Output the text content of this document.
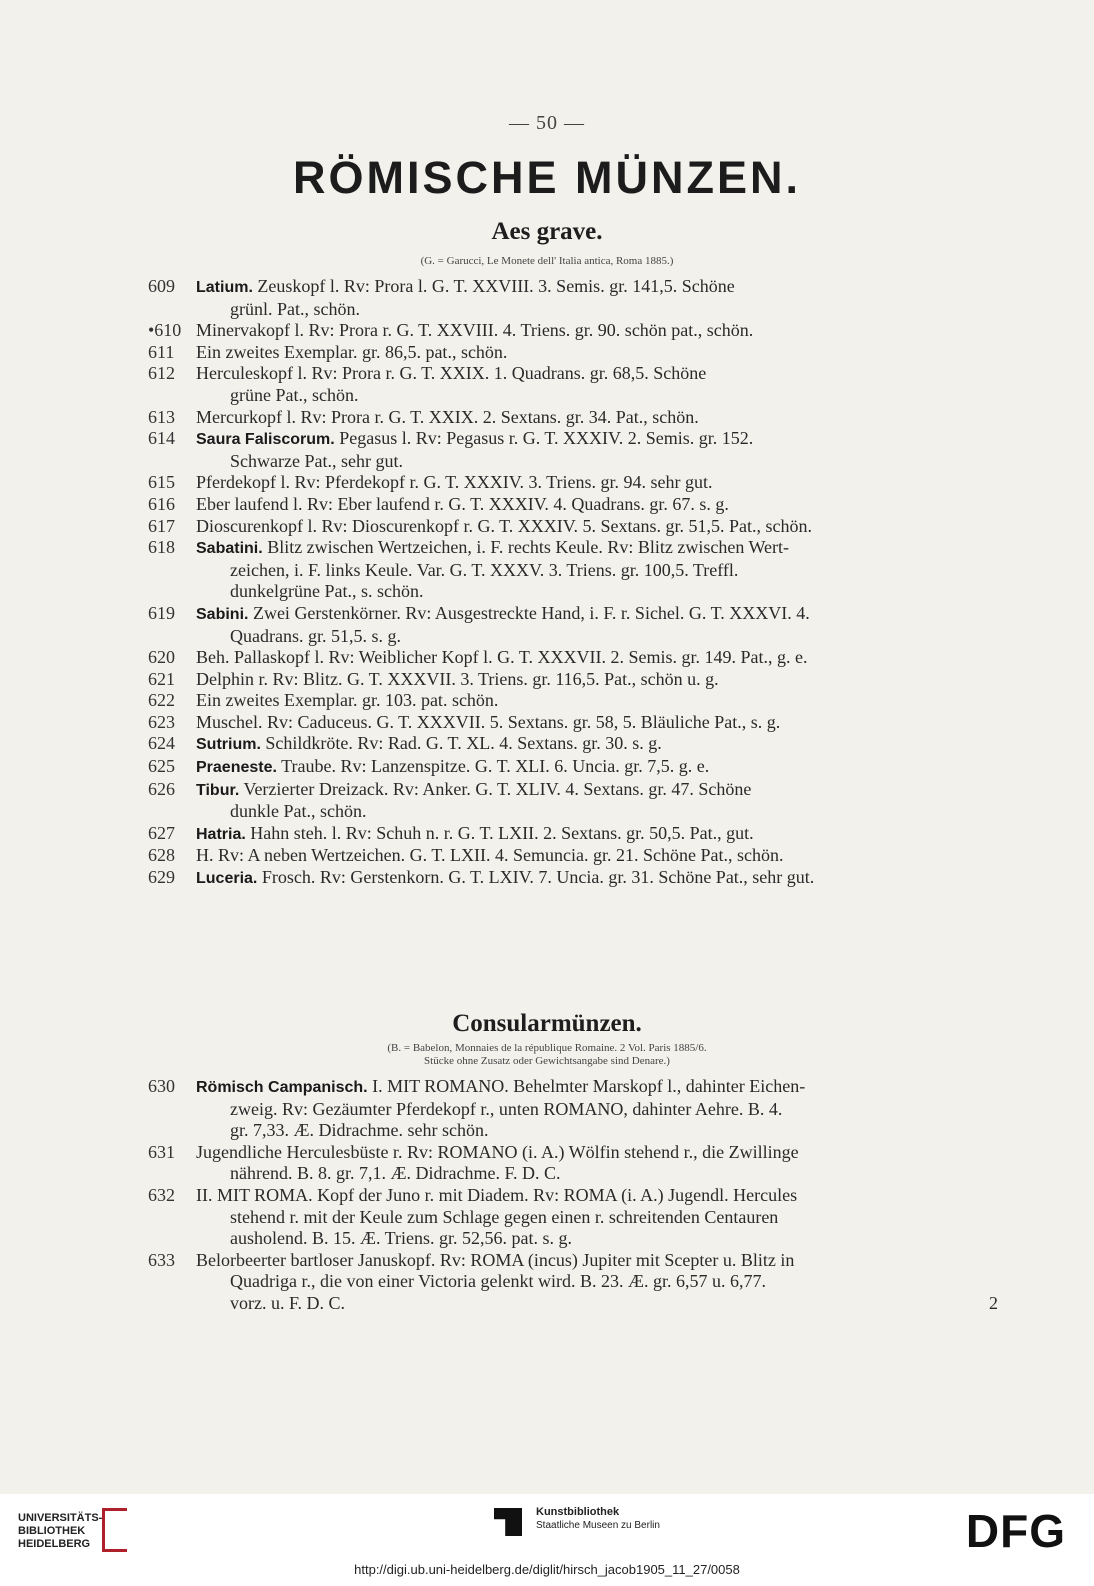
— 50 —
RÖMISCHE MÜNZEN.
Aes grave.
(G. = Garucci, Le Monete dell' Italia antica, Roma 1885.)
609 Latium. Zeuskopf l. Rv: Prora l. G. T. XXVIII. 3. Semis. gr. 141,5. Schöne
grünl. Pat., schön.
•610 Minervakopf l. Rv: Prora r. G. T. XXVIII. 4. Triens. gr. 90. schön pat., schön.
611 Ein zweites Exemplar. gr. 86,5. pat., schön.
612 Herculeskopf l. Rv: Prora r. G. T. XXIX. 1. Quadrans. gr. 68,5. Schöne
grüne Pat., schön.
613 Mercurkopf l. Rv: Prora r. G. T. XXIX. 2. Sextans. gr. 34. Pat., schön.
614 Saura Faliscorum. Pegasus l. Rv: Pegasus r. G. T. XXXIV. 2. Semis. gr. 152.
Schwarze Pat., sehr gut.
615 Pferdekopf l. Rv: Pferdekopf r. G. T. XXXIV. 3. Triens. gr. 94. sehr gut.
616 Eber laufend l. Rv: Eber laufend r. G. T. XXXIV. 4. Quadrans. gr. 67. s. g.
617 Dioscurenkopf l. Rv: Dioscurenkopf r. G. T. XXXIV. 5. Sextans. gr. 51,5. Pat., schön.
618 Sabatini. Blitz zwischen Wertzeichen, i. F. rechts Keule. Rv: Blitz zwischen Wert-
zeichen, i. F. links Keule. Var. G. T. XXXV. 3. Triens. gr. 100,5. Treffl.
dunkelgrüne Pat., s. schön.
619 Sabini. Zwei Gerstenkörner. Rv: Ausgestreckte Hand, i. F. r. Sichel. G. T. XXXVI. 4.
Quadrans. gr. 51,5. s. g.
620 Beh. Pallaskopf l. Rv: Weiblicher Kopf l. G. T. XXXVII. 2. Semis. gr. 149. Pat., g. e.
621 Delphin r. Rv: Blitz. G. T. XXXVII. 3. Triens. gr. 116,5. Pat., schön u. g.
622 Ein zweites Exemplar. gr. 103. pat. schön.
623 Muschel. Rv: Caduceus. G. T. XXXVII. 5. Sextans. gr. 58, 5. Bläuliche Pat., s. g.
624 Sutrium. Schildkröte. Rv: Rad. G. T. XL. 4. Sextans. gr. 30. s. g.
625 Praeneste. Traube. Rv: Lanzenspitze. G. T. XLI. 6. Uncia. gr. 7,5. g. e.
626 Tibur. Verzierter Dreizack. Rv: Anker. G. T. XLIV. 4. Sextans. gr. 47. Schöne
dunkle Pat., schön.
627 Hatria. Hahn steh. l. Rv: Schuh n. r. G. T. LXII. 2. Sextans. gr. 50,5. Pat., gut.
628 H. Rv: A neben Wertzeichen. G. T. LXII. 4. Semuncia. gr. 21. Schöne Pat., schön.
629 Luceria. Frosch. Rv: Gerstenkorn. G. T. LXIV. 7. Uncia. gr. 31. Schöne Pat., sehr gut.
Consularmünzen.
(B. = Babelon, Monnaies de la république Romaine. 2 Vol. Paris 1885/6.
Stücke ohne Zusatz oder Gewichtsangabe sind Denare.)
630 Römisch Campanisch. I. MIT ROMANO. Behelmter Marskopf l., dahinter Eichen-
zweig. Rv: Gezäumter Pferdekopf r., unten ROMANO, dahinter Aehre. B. 4.
gr. 7,33. Æ. Didrachme. sehr schön.
631 Jugendliche Herculesbüste r. Rv: ROMANO (i. A.) Wölfin stehend r., die Zwillinge
nährend. B. 8. gr. 7,1. Æ. Didrachme. F. D. C.
632 II. MIT ROMA. Kopf der Juno r. mit Diadem. Rv: ROMA (i. A.) Jugendl. Hercules
stehend r. mit der Keule zum Schlage gegen einen r. schreitenden Centauren
ausholend. B. 15. Æ. Triens. gr. 52,56. pat. s. g.
633 Belorbeerter bartloser Januskopf. Rv: ROMA (incus) Jupiter mit Scepter u. Blitz in
Quadriga r., die von einer Victoria gelenkt wird. B. 23. Æ. gr. 6,57 u. 6,77.
vorz. u. F. D. C.	2
UNIVERSITÄTS-
BIBLIOTHEK
HEIDELBERG
Kunstbibliothek
Staatliche Museen zu Berlin	DFG
http://digi.ub.uni-heidelberg.de/diglit/hirsch_jacob1905_11_27/0058
